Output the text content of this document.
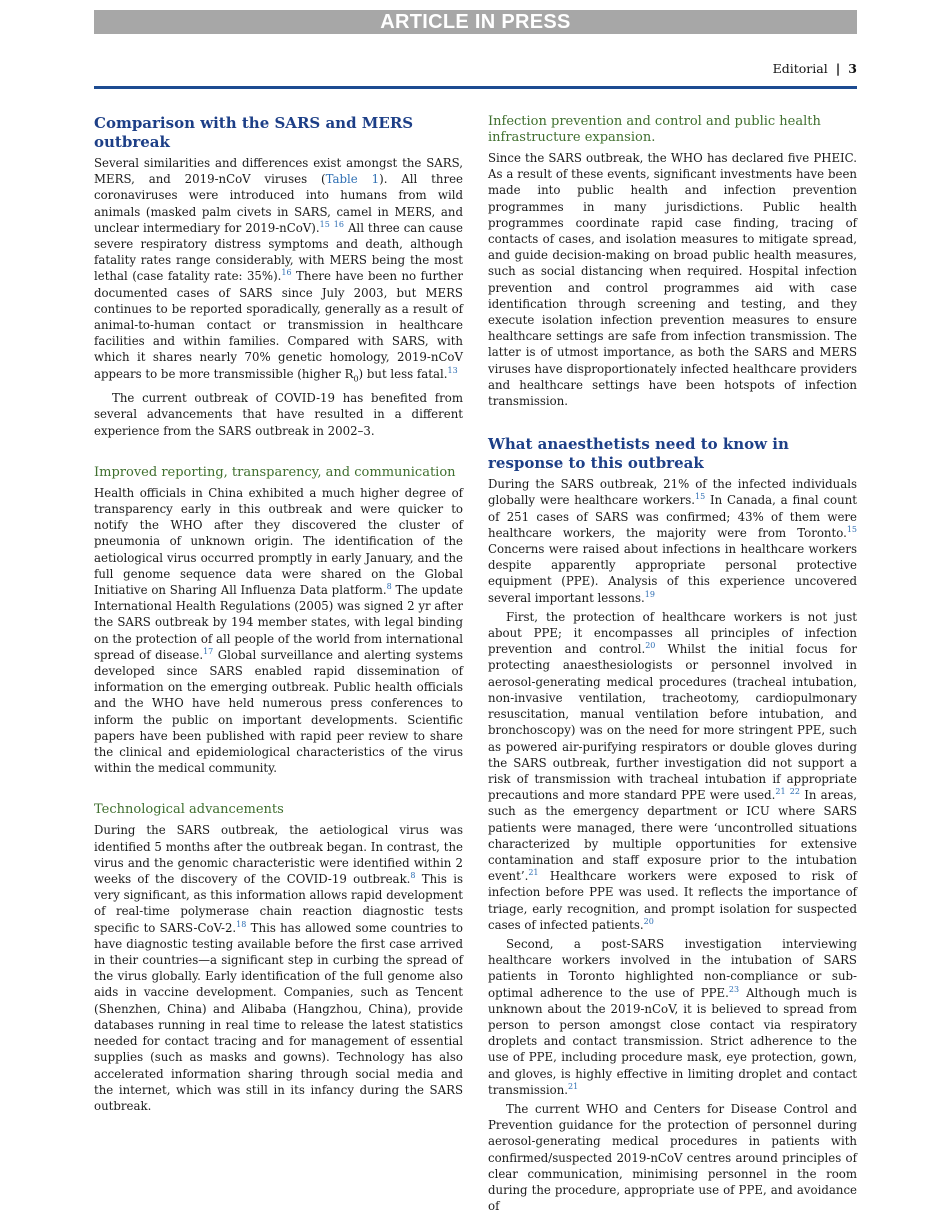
ARTICLE IN PRESS
Editorial | 3
Comparison with the SARS and MERS outbreak

Several similarities and differences exist amongst the SARS, MERS, and 2019-nCoV viruses (Table 1). All three coronaviruses were introduced into humans from wild animals (masked palm civets in SARS, camel in MERS, and unclear intermediary for 2019-nCoV).$^{15}$ $^{16}$ All three can cause severe respiratory distress symptoms and death, although fatality rates range considerably, with MERS being the most lethal (case fatality rate: 35%).$^{16}$ There have been no further documented cases of SARS since July 2003, but MERS continues to be reported sporadically, generally as a result of animal-to-human contact or transmission in healthcare facilities and within families. Compared with SARS, with which it shares nearly 70% genetic homology, 2019-nCoV appears to be more transmissible (higher $R_0$) but less fatal.$^{13}$

The current outbreak of COVID-19 has benefited from several advancements that have resulted in a different experience from the SARS outbreak in 2002–3.

Improved reporting, transparency, and communication

Health officials in China exhibited a much higher degree of transparency early in this outbreak and were quicker to notify the WHO after they discovered the cluster of pneumonia of unknown origin. The identification of the aetiological virus occurred promptly in early January, and the full genome sequence data were shared on the Global Initiative on Sharing All Influenza Data platform.$^8$ The update International Health Regulations (2005) was signed 2 yr after the SARS outbreak by 194 member states, with legal binding on the protection of all people of the world from international spread of disease.$^{17}$ Global surveillance and alerting systems developed since SARS enabled rapid dissemination of information on the emerging outbreak. Public health officials and the WHO have held numerous press conferences to inform the public on important developments. Scientific papers have been published with rapid peer review to share the clinical and epidemiological characteristics of the virus within the medical community.

Technological advancements

During the SARS outbreak, the aetiological virus was identified 5 months after the outbreak began. In contrast, the virus and the genomic characteristic were identified within 2 weeks of the discovery of the COVID-19 outbreak.$^8$ This is very significant, as this information allows rapid development of real-time polymerase chain reaction diagnostic tests specific to SARS-CoV-2.18 This has allowed some countries to have diagnostic testing available before the first case arrived in their countries—a significant step in curbing the spread of the virus globally. Early identification of the full genome also aids in vaccine development. Companies, such as Tencent (Shenzhen, China) and Alibaba (Hangzhou, China), provide databases running in real time to release the latest statistics needed for contact tracing and for management of essential supplies (such as masks and gowns). Technology has also accelerated information sharing through social media and the internet, which was still in its infancy during the SARS outbreak.

Infection prevention and control and public health infrastructure expansion.

Since the SARS outbreak, the WHO has declared five PHEIC. As a result of these events, significant investments have been made into public health and infection prevention programmes in many jurisdictions. Public health programmes coordinate rapid case finding, tracing of contacts of cases, and isolation measures to mitigate spread, and guide decision-making on broad public health measures, such as social distancing when required. Hospital infection prevention and control programmes aid with case identification through screening and testing, and they execute isolation infection prevention measures to ensure healthcare settings are safe from infection transmission. The latter is of utmost importance, as both the SARS and MERS viruses have disproportionately infected healthcare providers and healthcare settings have been hotspots of infection transmission.

What anaesthetists need to know in response to this outbreak

During the SARS outbreak, 21% of the infected individuals globally were healthcare workers.$^{15}$ In Canada, a final count of 251 cases of SARS was confirmed; 43% of them were healthcare workers, the majority were from Toronto.$^{15}$ Concerns were raised about infections in healthcare workers despite apparently appropriate personal protective equipment (PPE). Analysis of this experience uncovered several important lessons.$^{19}$

First, the protection of healthcare workers is not just about PPE; it encompasses all principles of infection prevention and control.$^{20}$ Whilst the initial focus for protecting anaesthesiologists or personnel involved in aerosol-generating medical procedures (tracheal intubation, non-invasive ventilation, tracheotomy, cardiopulmonary resuscitation, manual ventilation before intubation, and bronchoscopy) was on the need for more stringent PPE, such as powered air-purifying respirators or double gloves during the SARS outbreak, further investigation did not support a risk of transmission with tracheal intubation if appropriate precautions and more standard PPE were used.$^{21}$ $^{22}$ In areas, such as the emergency department or ICU where SARS patients were managed, there were ‘uncontrolled situations characterized by multiple opportunities for extensive contamination and staff exposure prior to the intubation event’.$^{21}$ Healthcare workers were exposed to risk of infection before PPE was used. It reflects the importance of triage, early recognition, and prompt isolation for suspected cases of infected patients.$^{20}$

Second, a post-SARS investigation interviewing healthcare workers involved in the intubation of SARS patients in Toronto highlighted non-compliance or sub-optimal adherence to the use of PPE.$^{23}$ Although much is unknown about the 2019-nCoV, it is believed to spread from person to person amongst close contact via respiratory droplets and contact transmission. Strict adherence to the use of PPE, including procedure mask, eye protection, gown, and gloves, is highly effective in limiting droplet and contact transmission.$^{21}$

The current WHO and Centers for Disease Control and Prevention guidance for the protection of personnel during aerosol-generating medical procedures in patients with confirmed/suspected 2019-nCoV centres around principles of clear communication, minimising personnel in the room during the procedure, appropriate use of PPE, and avoidance of
